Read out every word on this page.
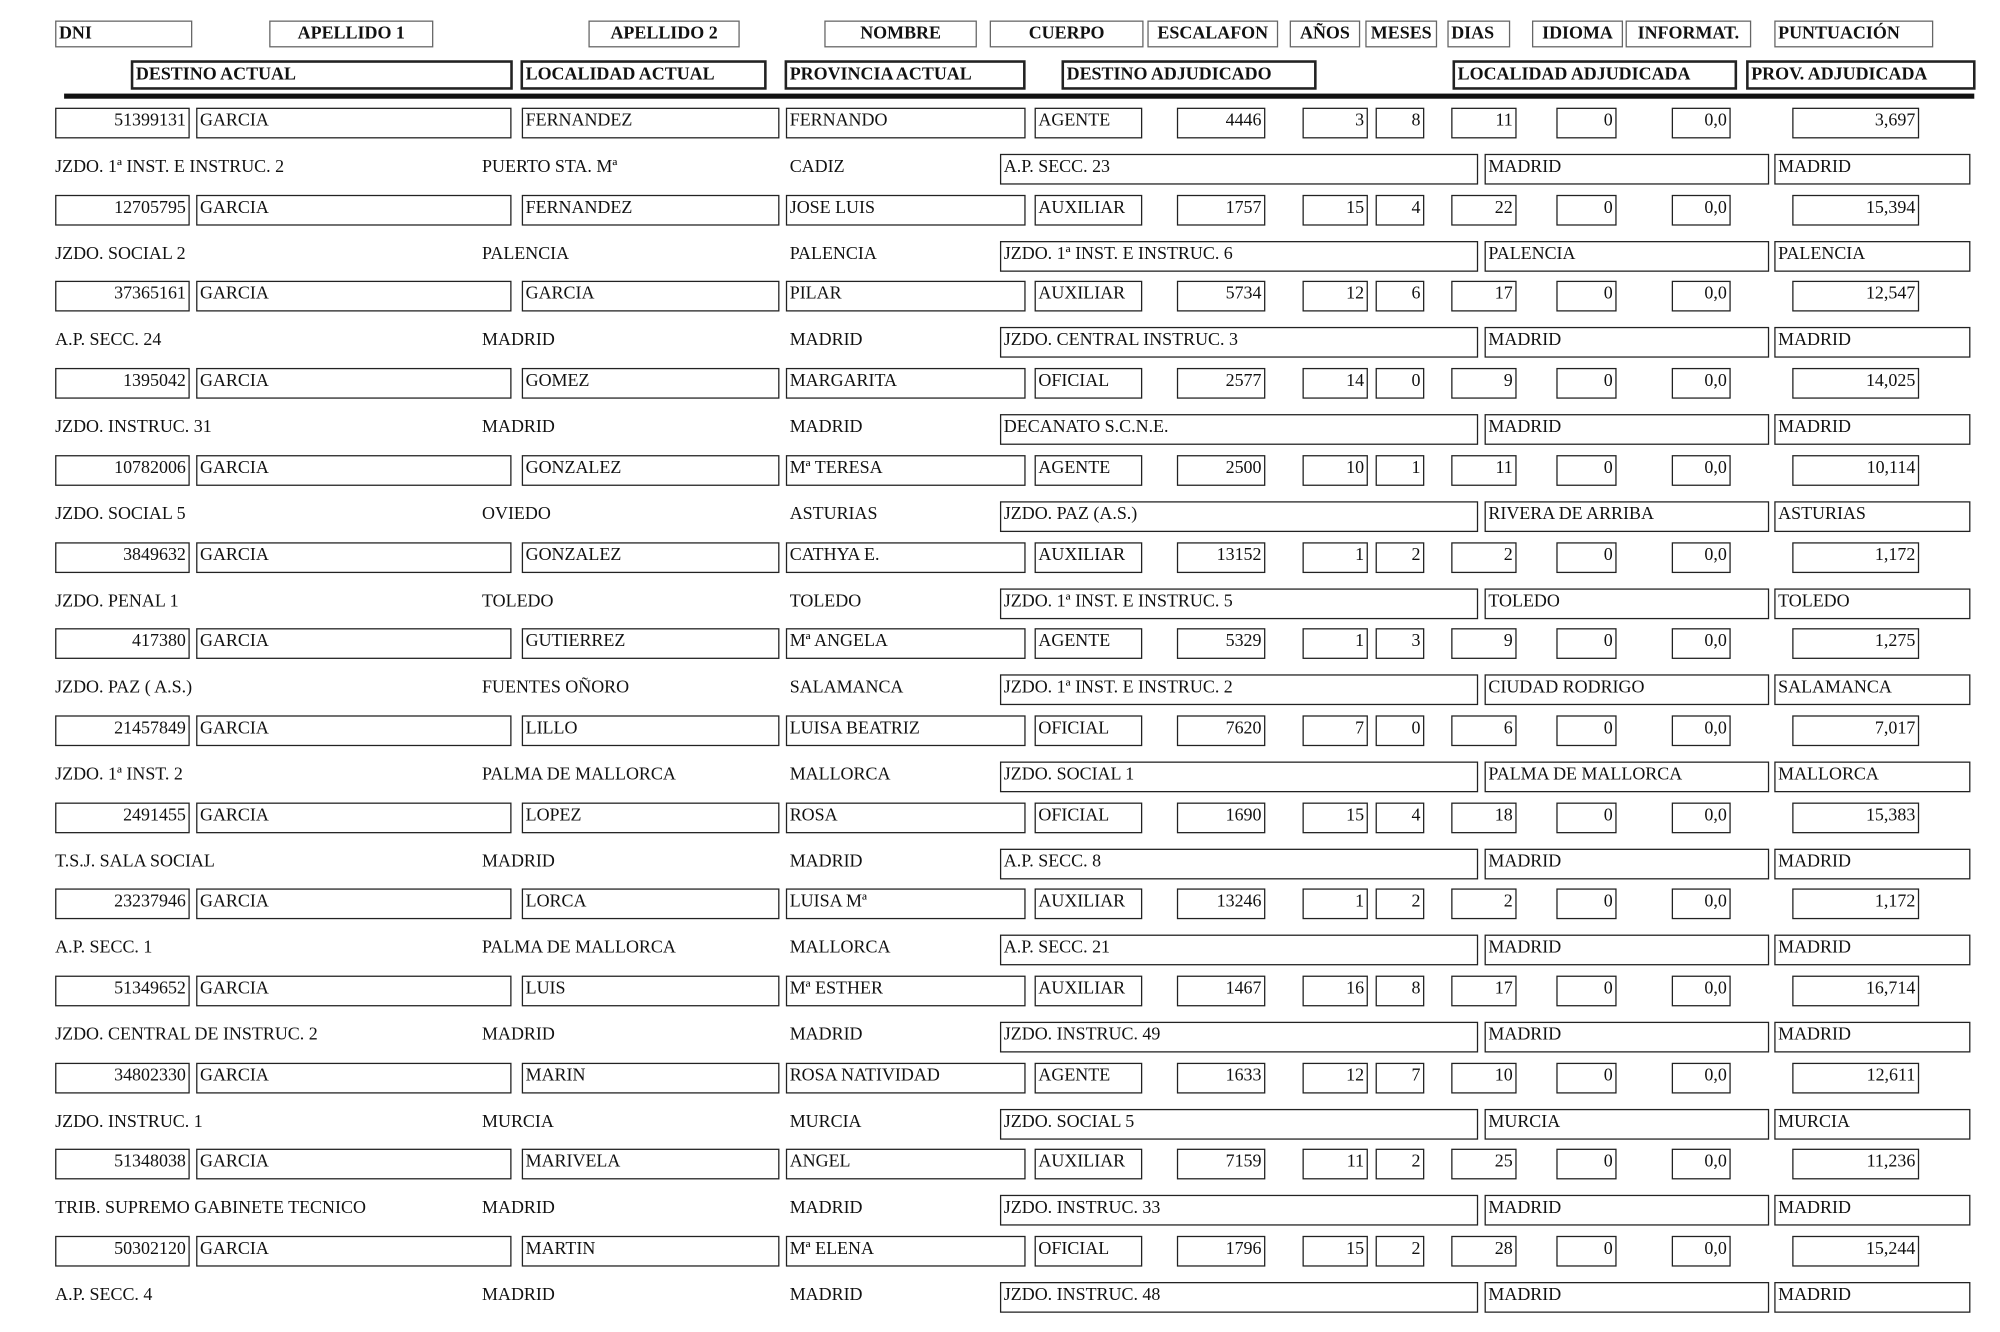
DNI	APELLIDO 1	APELLIDO 2	NOMBRE	CUERPO	ESCALAFON	AÑOS	MESES	DIAS	IDIOMA	INFORMAT.	PUNTUACIÓN
DESTINO ACTUAL	LOCALIDAD ACTUAL	PROVINCIA ACTUAL	DESTINO ADJUDICADO	LOCALIDAD ADJUDICADA	PROV. ADJUDICADA
51399131 GARCIA	FERNANDEZ	FERNANDO	AGENTE	4446	3	8	11	0	0,0	3,697
JZDO. 1ª INST. E INSTRUC. 2	PUERTO STA. Mª	CADIZ	A.P. SECC. 23	MADRID	MADRID
12705795 GARCIA	FERNANDEZ	JOSE LUIS	AUXILIAR	1757	15	4	22	0	0,0	15,394
JZDO. SOCIAL 2	PALENCIA	PALENCIA	JZDO. 1ª INST. E INSTRUC. 6	PALENCIA	PALENCIA
37365161 GARCIA	GARCIA	PILAR	AUXILIAR	5734	12	6	17	0	0,0	12,547
A.P. SECC. 24	MADRID	MADRID	JZDO. CENTRAL INSTRUC. 3	MADRID	MADRID
1395042 GARCIA	GOMEZ	MARGARITA	OFICIAL	2577	14	0	9	0	0,0	14,025
JZDO. INSTRUC. 31	MADRID	MADRID	DECANATO S.C.N.E.	MADRID	MADRID
10782006 GARCIA	GONZALEZ	Mª TERESA	AGENTE	2500	10	1	11	0	0,0	10,114
JZDO. SOCIAL 5	OVIEDO	ASTURIAS	JZDO. PAZ (A.S.)	RIVERA DE ARRIBA	ASTURIAS
3849632 GARCIA	GONZALEZ	CATHYA E.	AUXILIAR	13152	1	2	2	0	0,0	1,172
JZDO. PENAL 1	TOLEDO	TOLEDO	JZDO. 1ª INST. E INSTRUC. 5	TOLEDO	TOLEDO
417380 GARCIA	GUTIERREZ	Mª ANGELA	AGENTE	5329	1	3	9	0	0,0	1,275
JZDO. PAZ ( A.S.)	FUENTES OÑORO	SALAMANCA	JZDO. 1ª INST. E INSTRUC. 2	CIUDAD RODRIGO	SALAMANCA
21457849 GARCIA	LILLO	LUISA BEATRIZ	OFICIAL	7620	7	0	6	0	0,0	7,017
JZDO. 1ª INST. 2	PALMA DE MALLORCA	MALLORCA	JZDO. SOCIAL 1	PALMA DE MALLORCA	MALLORCA
2491455 GARCIA	LOPEZ	ROSA	OFICIAL	1690	15	4	18	0	0,0	15,383
T.S.J. SALA SOCIAL	MADRID	MADRID	A.P. SECC. 8	MADRID	MADRID
23237946 GARCIA	LORCA	LUISA Mª	AUXILIAR	13246	1	2	2	0	0,0	1,172
A.P. SECC. 1	PALMA DE MALLORCA	MALLORCA	A.P. SECC. 21	MADRID	MADRID
51349652 GARCIA	LUIS	Mª ESTHER	AUXILIAR	1467	16	8	17	0	0,0	16,714
JZDO. CENTRAL DE INSTRUC. 2	MADRID	MADRID	JZDO. INSTRUC. 49	MADRID	MADRID
34802330 GARCIA	MARIN	ROSA NATIVIDAD	AGENTE	1633	12	7	10	0	0,0	12,611
JZDO. INSTRUC. 1	MURCIA	MURCIA	JZDO. SOCIAL 5	MURCIA	MURCIA
51348038 GARCIA	MARIVELA	ANGEL	AUXILIAR	7159	11	2	25	0	0,0	11,236
TRIB. SUPREMO GABINETE TECNICO	MADRID	MADRID	JZDO. INSTRUC. 33	MADRID	MADRID
50302120 GARCIA	MARTIN	Mª ELENA	OFICIAL	1796	15	2	28	0	0,0	15,244
A.P. SECC. 4	MADRID	MADRID	JZDO. INSTRUC. 48	MADRID	MADRID
